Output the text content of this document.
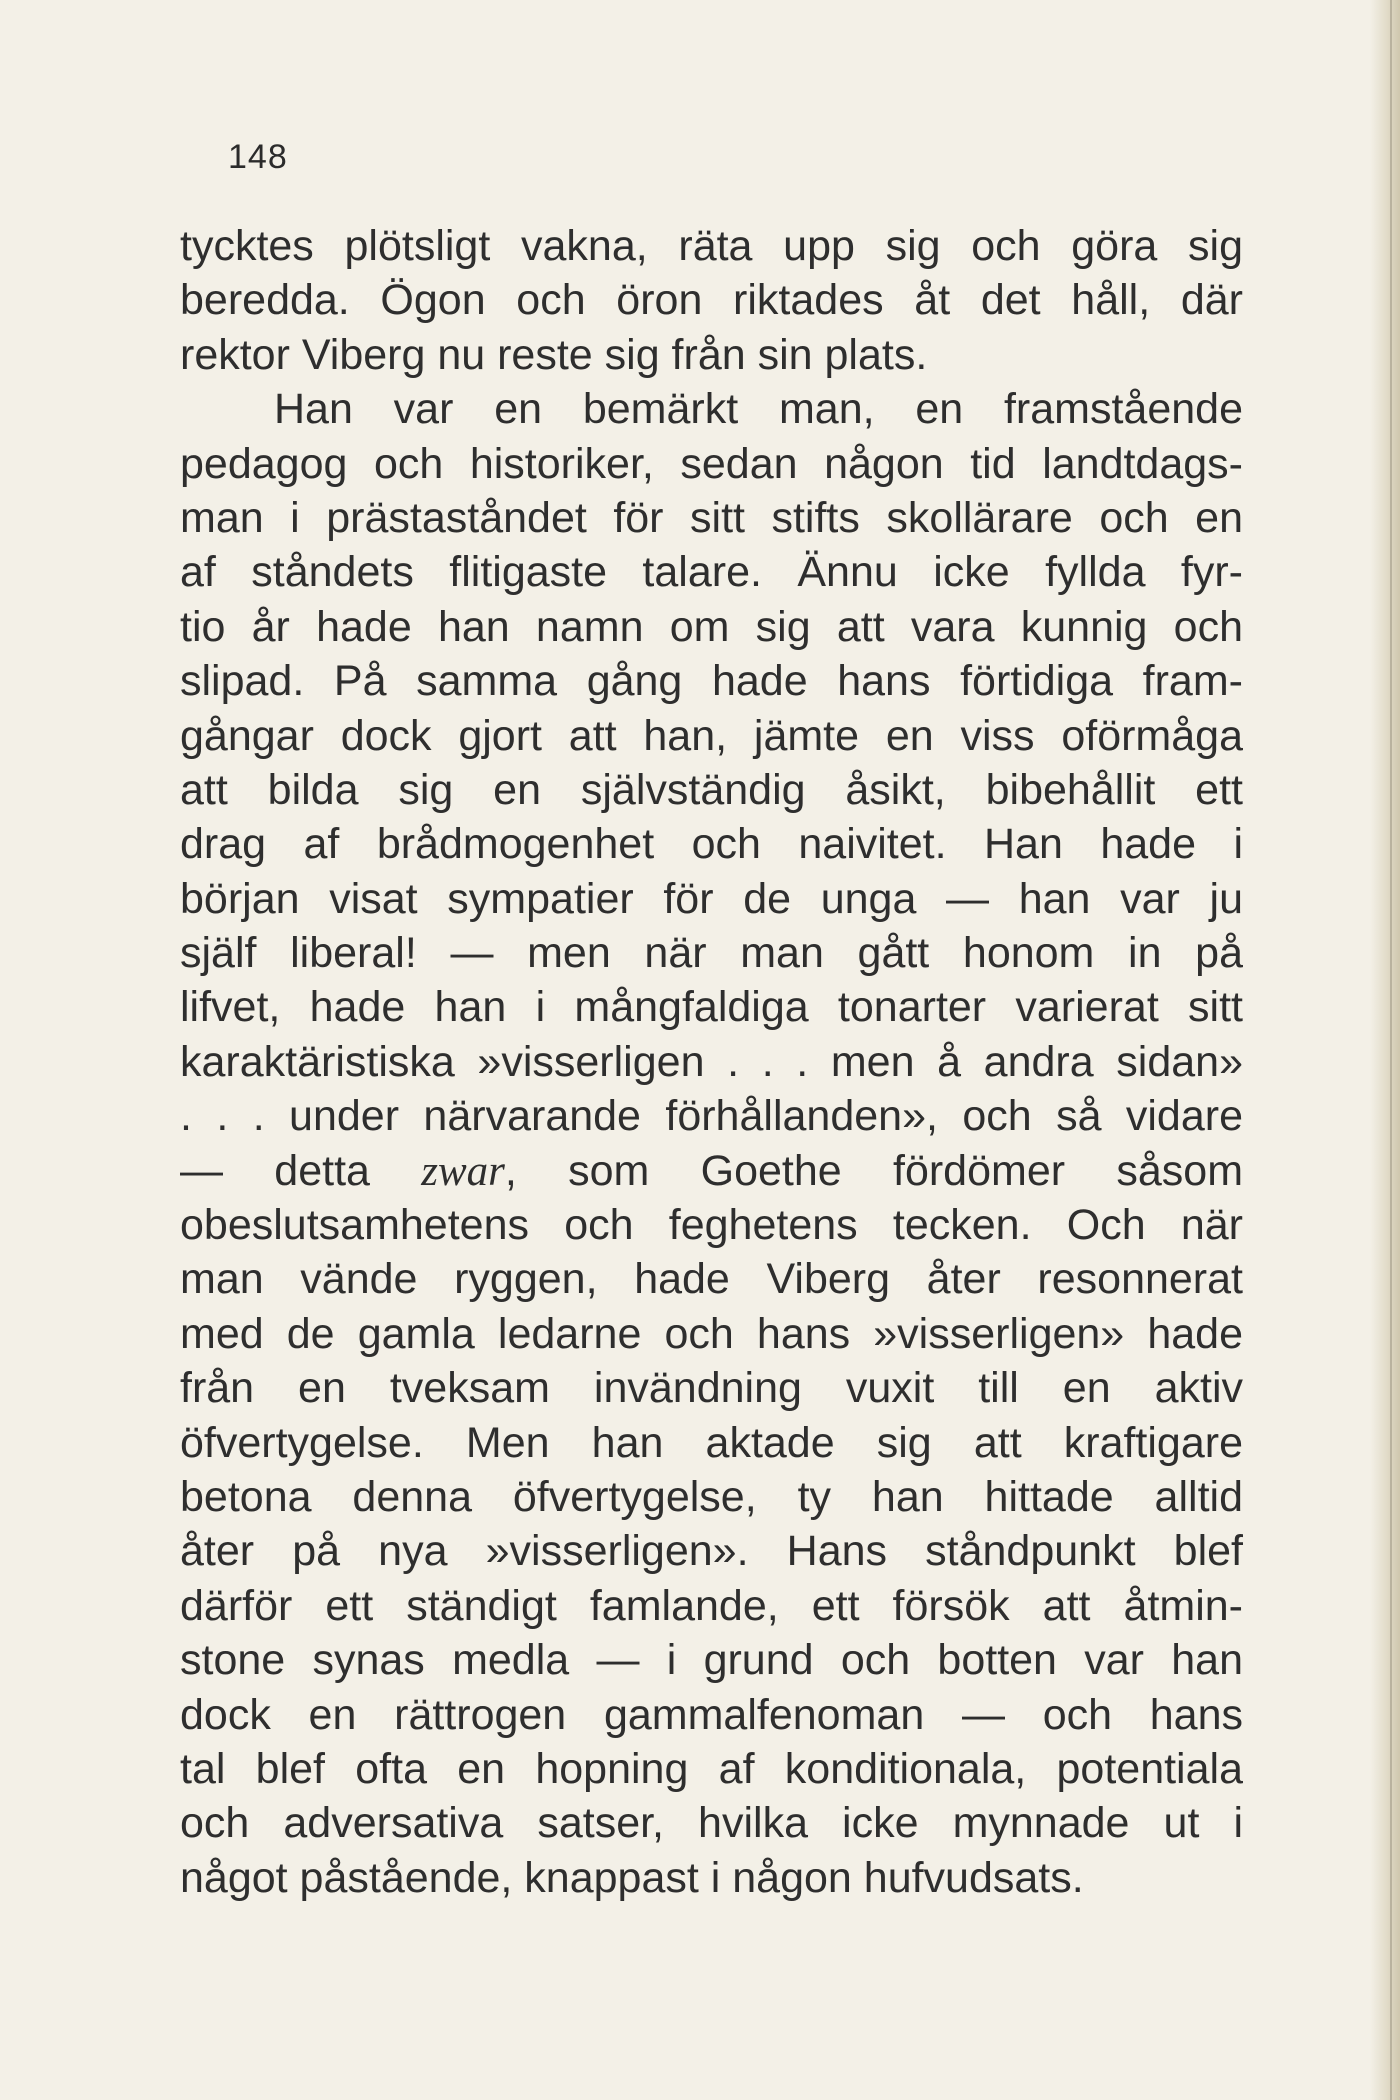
148
tycktes plötsligt vakna, räta upp sig och göra sig
beredda. Ögon och öron riktades åt det håll, där
rektor Viberg nu reste sig från sin plats.
Han var en bemärkt man, en framstående
pedagog och historiker, sedan någon tid landtdags-
man i prästaståndet för sitt stifts skollärare och en
af ståndets flitigaste talare. Ännu icke fyllda fyr-
tio år hade han namn om sig att vara kunnig och
slipad. På samma gång hade hans förtidiga fram-
gångar dock gjort att han, jämte en viss oförmåga
att bilda sig en självständig åsikt, bibehållit ett
drag af brådmogenhet och naivitet. Han hade i
början visat sympatier för de unga — han var ju
själf liberal! — men när man gått honom in på
lifvet, hade han i mångfaldiga tonarter varierat sitt
karaktäristiska »visserligen . . . men å andra sidan»
. . . under närvarande förhållanden», och så vidare
— detta zwar, som Goethe fördömer såsom
obeslutsamhetens och feghetens tecken. Och när
man vände ryggen, hade Viberg åter resonnerat
med de gamla ledarne och hans »visserligen» hade
från en tveksam invändning vuxit till en aktiv
öfvertygelse. Men han aktade sig att kraftigare
betona denna öfvertygelse, ty han hittade alltid
åter på nya »visserligen». Hans ståndpunkt blef
därför ett ständigt famlande, ett försök att åtmin-
stone synas medla — i grund och botten var han
dock en rättrogen gammalfenoman — och hans
tal blef ofta en hopning af konditionala, potentiala
och adversativa satser, hvilka icke mynnade ut i
något påstående, knappast i någon hufvudsats.
